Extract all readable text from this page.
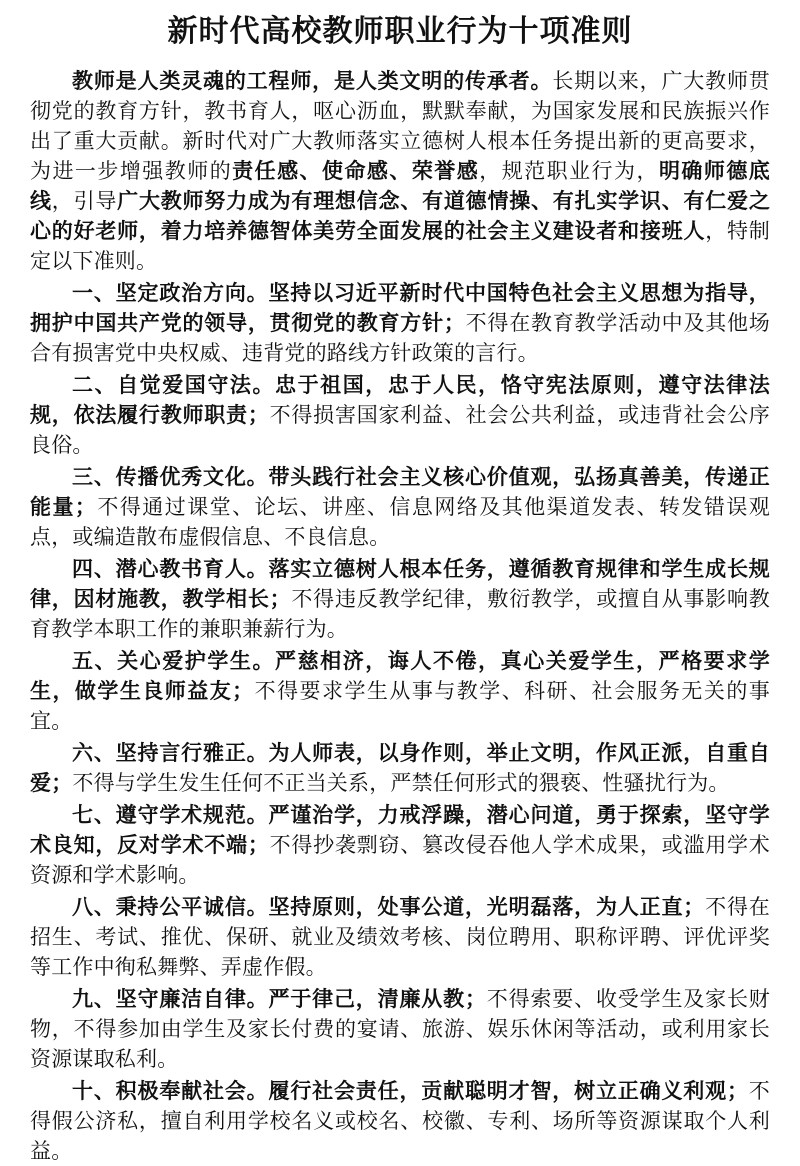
新时代高校教师职业行为十项准则

教师是人类灵魂的工程师，是人类文明的传承者。长期以来，广大教师贯彻党的教育方针，教书育人，呕心沥血，默默奉献，为国家发展和民族振兴作出了重大贡献。新时代对广大教师落实立德树人根本任务提出新的更高要求，为进一步增强教师的责任感、使命感、荣誉感，规范职业行为，明确师德底线，引导广大教师努力成为有理想信念、有道德情操、有扎实学识、有仁爱之心的好老师，着力培养德智体美劳全面发展的社会主义建设者和接班人，特制定以下准则。

一、坚定政治方向。坚持以习近平新时代中国特色社会主义思想为指导，拥护中国共产党的领导，贯彻党的教育方针；不得在教育教学活动中及其他场合有损害党中央权威、违背党的路线方针政策的言行。

二、自觉爱国守法。忠于祖国，忠于人民，恪守宪法原则，遵守法律法规，依法履行教师职责；不得损害国家利益、社会公共利益，或违背社会公序良俗。

三、传播优秀文化。带头践行社会主义核心价值观，弘扬真善美，传递正能量；不得通过课堂、论坛、讲座、信息网络及其他渠道发表、转发错误观点，或编造散布虚假信息、不良信息。

四、潜心教书育人。落实立德树人根本任务，遵循教育规律和学生成长规律，因材施教，教学相长；不得违反教学纪律，敷衍教学，或擅自从事影响教育教学本职工作的兼职兼薪行为。

五、关心爱护学生。严慈相济，诲人不倦，真心关爱学生，严格要求学生，做学生良师益友；不得要求学生从事与教学、科研、社会服务无关的事宜。

六、坚持言行雅正。为人师表，以身作则，举止文明，作风正派，自重自爱；不得与学生发生任何不正当关系，严禁任何形式的猥亵、性骚扰行为。

七、遵守学术规范。严谨治学，力戒浮躁，潜心问道，勇于探索，坚守学术良知，反对学术不端；不得抄袭剽窃、篡改侵吞他人学术成果，或滥用学术资源和学术影响。

八、秉持公平诚信。坚持原则，处事公道，光明磊落，为人正直；不得在招生、考试、推优、保研、就业及绩效考核、岗位聘用、职称评聘、评优评奖等工作中徇私舞弊、弄虚作假。

九、坚守廉洁自律。严于律己，清廉从教；不得索要、收受学生及家长财物，不得参加由学生及家长付费的宴请、旅游、娱乐休闲等活动，或利用家长资源谋取私利。

十、积极奉献社会。履行社会责任，贡献聪明才智，树立正确义利观；不得假公济私，擅自利用学校名义或校名、校徽、专利、场所等资源谋取个人利益。
